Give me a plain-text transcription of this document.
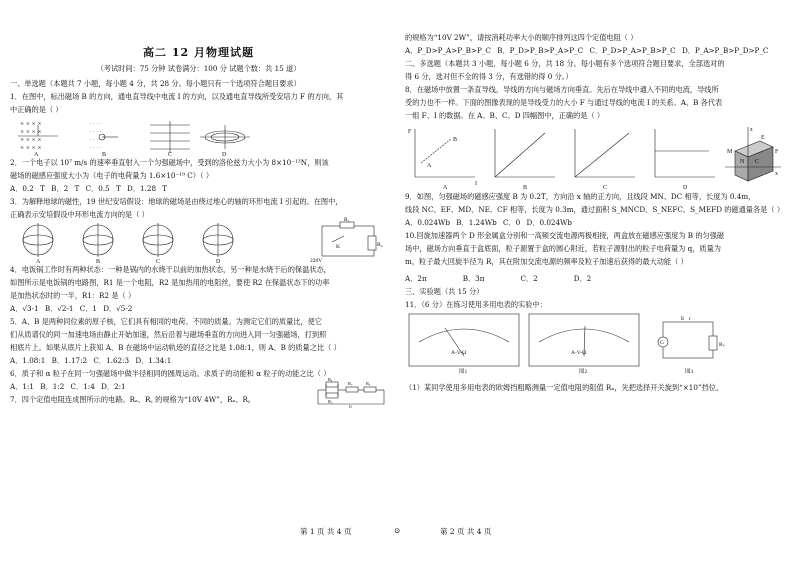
高二 12 月物理试题
（考试时间：75 分钟 试卷满分：100 分 试题个数：共 15 道）

一、单选题（本题共 7 小题，每小题 4 分，共 28 分。每小题只有一个选项符合题目要求）

1．在图中，标出磁场 B 的方向，通电直导线中电流 I 的方向，以及通电直导线所受安培力 F 的方向，其

中正确的是（ ）

× × × ×
× × × ×
× × × ×
× × × ×
· · · ·
· · · ·
· · · ·
· · · ·
A	B	C	D

2．一个电子以 10⁷ m/s 的速率垂直射入一个匀强磁场中，受到的洛伦兹力大小为 8×10⁻¹³N，则该

磁场的磁感应强度大小为（电子的电荷量为 1.6×10⁻¹⁹ C）（ ）

A．0.2 T B．2 T C．0.5 T D．1.28 T

3．为解释地球的磁性，19 世纪安培假设：地球的磁场是由绕过地心的轴的环形电流 I 引起的。在图中，

正确表示安培假设中环形电流方向的是（ ）

A	B	C	D
R₁
R₂
K
220V

4．电饭锅工作时有两种状态：一种是锅内的水烧干以前的加热状态，另一种是水烧干后的保温状态，

如图所示是电饭锅的电路图，R1 是一个电阻，R2 是加热用的电阻丝，要使 R2 在保温状态下的功率

是加热状态时的一半，R1：R2 是（ ）

A．√3-1 B．√2-1 C．1 D．√5-2

5．A、B 是两种同位素的原子核，它们具有相同的电荷、不同的质量。为测定它们的质量比，使它

们从质谱仪的同一加速电场由静止开始加速，然后沿着与磁场垂直的方向进入同一匀强磁场，打到照

相底片上。如果从底片上获知 A、B 在磁场中运动轨迹的直径之比是 1.08:1，则 A、B 的质量之比（ ）

A．1.08:1 B．1.17:2 C．1.62:3 D．1.34:1

6．质子和 α 粒子在同一匀强磁场中做半径相同的圆周运动。求质子的动能和 α 粒子的动能之比（ ）

A．1:1 B．1:2 C．1:4 D．2:1

7．四个定值电阻连成图所示的电路。Rₐ、R꜀ 的规格为“10V 4W”，Rₐ、R꜀

Rₐ
R꜀
R꜀	Rₐ
U
第 1 页 共 4 页	⊙

的规格为“10V 2W”，请按消耗功率大小的顺序排列这四个定值电阻（ ）

A．P_D>P_A>P_B>P_C B．P_D>P_B>P_A>P_C C．P_D>P_A>P_B>P_C D．P_A>P_B>P_D>P_C

二、多选题（本题共 3 小题，每小题 6 分，共 18 分。每小题有多个选项符合题目要求，全部选对的

得 6 分，选对但不全的得 3 分，有选错的得 0 分。）

8．在磁场中放置一条直导线，导线的方向与磁场方向垂直。先后在导线中通入不同的电流，导线所

受的力也不一样。下面的图像表现的是导线受力的大小 F 与通过导线的电流 I 的关系。A、B 各代表

一组 F、I 的数据。在 A、B、C、D 四幅图中，正确的是（ ）

A	B	C	D
F
I
A
B
M
N C
E
F
z
x

9．如图，匀强磁场的磁感应强度 B 为 0.2T，方向沿 x 轴的正方向，且线段 MN、DC 相等，长度为 0.4m，

线段 NC、EF、MD、NE、CF 相等，长度为 0.3m，通过面积 S_MNCD、S_NEFC、S_MEFD 的磁通量各是（ ）

A．0.024Wb B．1.24Wb C．0 D．0.024Wb

10.回旋加速器两个 D 形金属盒分别和一高频交流电源两极相接，两盒放在磁感应强度为 B 的匀强磁

场中，磁场方向垂直于盒底面，粒子源置于盒的圆心附近，若粒子源射出的粒子电荷量为 q，质量为

m，粒子最大回旋半径为 R，其在附加交流电源的频率及粒子加速后获得的最大动能（ ）

A．2π	B．3π	C．2	D．2

三、实验题（共 15 分）

11．（6 分）在练习使用多用电表的实验中：

A-V-Ω	A-V-Ω
图1	图2	图3
E r
Rₛ
G

（1）某同学使用多用电表的欧姆挡粗略测量一定值电阻的阻值 Rₓ，先把选择开关旋到“×10”挡位，

第 2 页 共 4 页
